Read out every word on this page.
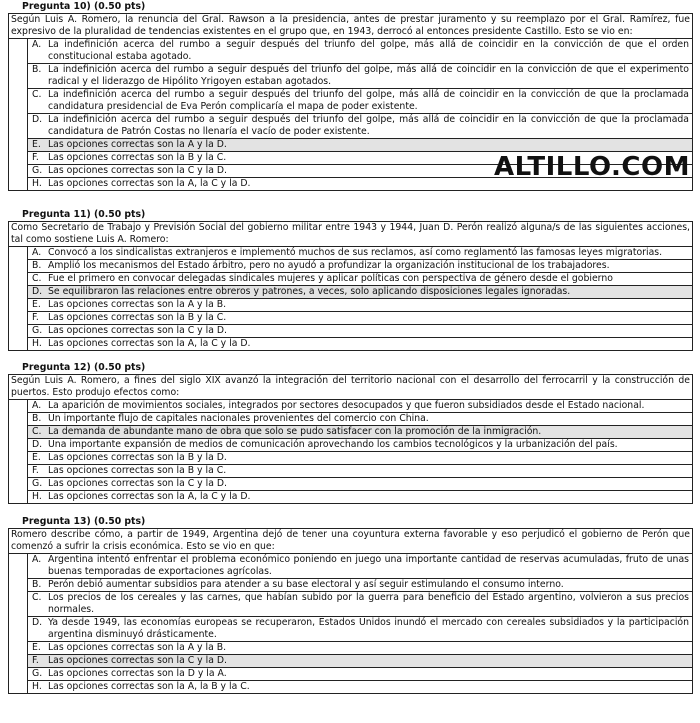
Pregunta 10) (0.50 pts)
Según Luis A. Romero, la renuncia del Gral. Rawson a la presidencia, antes de prestar juramento y su reemplazo por el Gral. Ramírez, fue expresivo de la pluralidad de tendencias existentes en el grupo que, en 1943, derrocó al entonces presidente Castillo. Esto se vio en:
A. La indefinición acerca del rumbo a seguir después del triunfo del golpe, más allá de coincidir en la convicción de que el orden constitucional estaba agotado.
B. La indefinición acerca del rumbo a seguir después del triunfo del golpe, más allá de coincidir en la convicción de que el experimento radical y el liderazgo de Hipólito Yrigoyen estaban agotados.
C. La indefinición acerca del rumbo a seguir después del triunfo del golpe, más allá de coincidir en la convicción de que la proclamada candidatura presidencial de Eva Perón complicaría el mapa de poder existente.
D. La indefinición acerca del rumbo a seguir después del triunfo del golpe, más allá de coincidir en la convicción de que la proclamada candidatura de Patrón Costas no llenaría el vacío de poder existente.
E. Las opciones correctas son la A y la D.
F. Las opciones correctas son la B y la C.
G. Las opciones correctas son la C y la D.
H. Las opciones correctas son la A, la C y la D.
Pregunta 11) (0.50 pts)
Como Secretario de Trabajo y Previsión Social del gobierno militar entre 1943 y 1944, Juan D. Perón realizó alguna/s de las siguientes acciones, tal como sostiene Luis A. Romero:
A. Convocó a los sindicalistas extranjeros e implementó muchos de sus reclamos, así como reglamentó las famosas leyes migratorias.
B. Amplió los mecanismos del Estado árbitro, pero no ayudó a profundizar la organización institucional de los trabajadores.
C. Fue el primero en convocar delegadas sindicales mujeres y aplicar políticas con perspectiva de género desde el gobierno
D. Se equilibraron las relaciones entre obreros y patrones, a veces, solo aplicando disposiciones legales ignoradas.
E. Las opciones correctas son la A y la B.
F. Las opciones correctas son la B y la C.
G. Las opciones correctas son la C y la D.
H. Las opciones correctas son la A, la C y la D.
Pregunta 12) (0.50 pts)
Según Luis A. Romero, a fines del siglo XIX avanzó la integración del territorio nacional con el desarrollo del ferrocarril y la construcción de puertos. Esto produjo efectos como:
A. La aparición de movimientos sociales, integrados por sectores desocupados y que fueron subsidiados desde el Estado nacional.
B. Un importante flujo de capitales nacionales provenientes del comercio con China.
C. La demanda de abundante mano de obra que solo se pudo satisfacer con la promoción de la inmigración.
D. Una importante expansión de medios de comunicación aprovechando los cambios tecnológicos y la urbanización del país.
E. Las opciones correctas son la B y la D.
F. Las opciones correctas son la B y la C.
G. Las opciones correctas son la C y la D.
H. Las opciones correctas son la A, la C y la D.
Pregunta 13) (0.50 pts)
Romero describe cómo, a partir de 1949, Argentina dejó de tener una coyuntura externa favorable y eso perjudicó el gobierno de Perón que comenzó a sufrir la crisis económica. Esto se vio en que:
A. Argentina intentó enfrentar el problema económico poniendo en juego una importante cantidad de reservas acumuladas, fruto de unas buenas temporadas de exportaciones agrícolas.
B. Perón debió aumentar subsidios para atender a su base electoral y así seguir estimulando el consumo interno.
C. Los precios de los cereales y las carnes, que habían subido por la guerra para beneficio del Estado argentino, volvieron a sus precios normales.
D. Ya desde 1949, las economías europeas se recuperaron, Estados Unidos inundó el mercado con cereales subsidiados y la participación argentina disminuyó drásticamente.
E. Las opciones correctas son la A y la B.
F. Las opciones correctas son la C y la D.
G. Las opciones correctas son la D y la A.
H. Las opciones correctas son la A, la B y la C.
ALTILLO.COM
